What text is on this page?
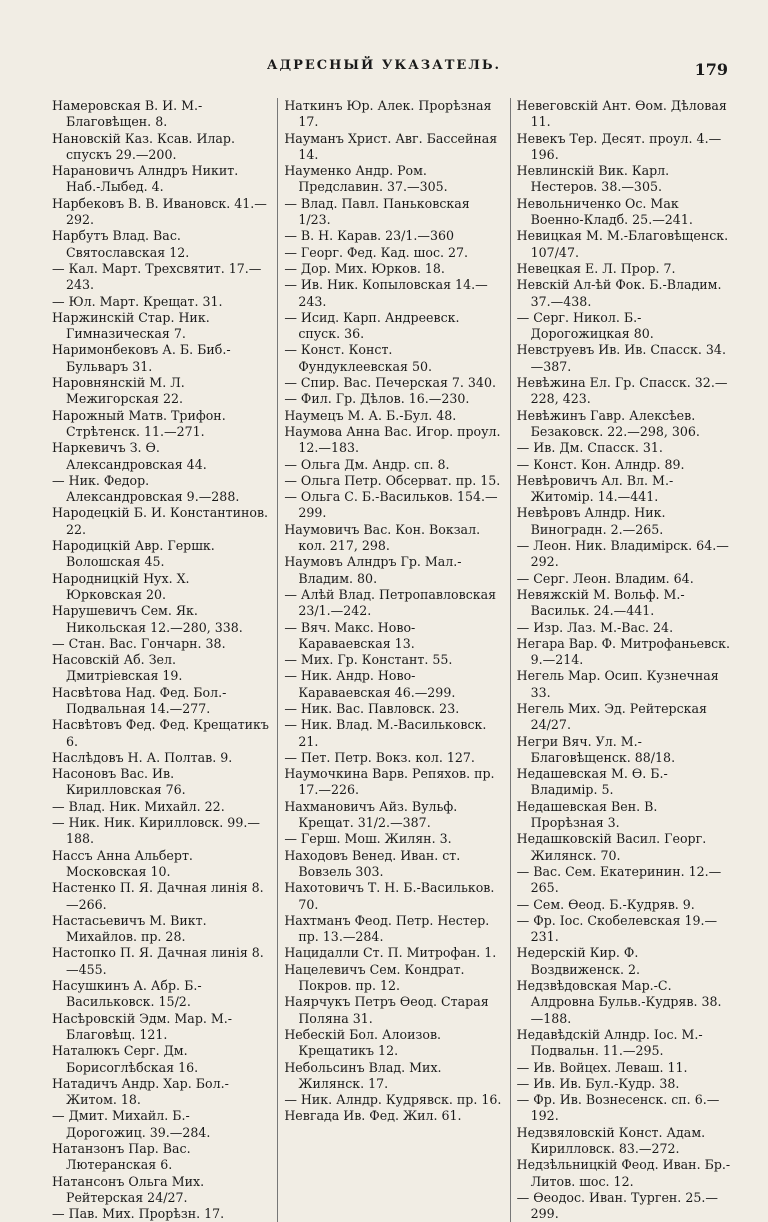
АДРЕСНЫЙ УКАЗАТЕЛЬ.	179
Намеровская В. И. М.-Благовѣщен. 8.
Нановскій Каз. Ксав. Илар. спускъ 29.—200.
Нарановичъ Алндръ Никит. Наб.-Лыбед. 4.
Нарбековъ В. В. Ивановск. 41.—292.
Нарбутъ Влад. Вас. Святославская 12.
— Кал. Март. Трехсвятит. 17.—243.
— Юл. Март. Крещат. 31.
Наржинскій Стар. Ник. Гимназическая 7.
Наримонбековъ А. Б. Биб.-Бульваръ 31.
Наровнянскій М. Л. Межигорская 22.
Нарожный Матв. Трифон. Стрѣтенск. 11.—271.
Наркевичъ З. Ѳ. Александровская 44.
— Ник. Федор. Александровская 9.—288.
Народецкій Б. И. Константинов. 22.
Народицкій Авр. Гершк. Волошская 45.
Народницкій Нух. Х. Юрковская 20.
Нарушевичъ Сем. Як. Никольская 12.—280, 338.
— Стан. Вас. Гончарн. 38.
Насовскій Аб. Зел. Дмитріевская 19.
Насвѣтова Над. Фед. Бол.-Подвальная 14.—277.
Насвѣтовъ Фед. Фед. Крещатикъ 6.
Наслѣдовъ Н. А. Полтав. 9.
Насоновъ Вас. Ив. Кирилловская 76.
— Влад. Ник. Михайл. 22.
— Ник. Ник. Кирилловск. 99.—188.
Нассъ Анна Альберт. Московская 10.
Настенко П. Я. Дачная линія 8.—266.
Настасьевичъ М. Викт. Михайлов. пр. 28.
Настопко П. Я. Дачная линія 8.—455.
Насушкинъ А. Абр. Б.-Васильковск. 15/2.
Насѣровскій Эдм. Мар. М.-Благовѣщ. 121.
Наталюкъ Серг. Дм. Борисоглѣбская 16.
Натадичъ Андр. Хар. Бол.-Житом. 18.
— Дмит. Михайл. Б.-Дорогожиц. 39.—284.
Натанзонъ Пар. Вас. Лютеранская 6.
Натансонъ Ольга Мих. Рейтерская 24/27.
— Пав. Мих. Прорѣзн. 17.
Наткинъ Юр. Алек. Прорѣзная 17.
Науманъ Христ. Авг. Бассейная 14.
Науменко Андр. Ром. Предславин. 37.—305.
— Влад. Павл. Паньковская 1/23.
— В. Н. Карав. 23/1.—360
— Георг. Фед. Кад. шос. 27.
— Дор. Мих. Юрков. 18.
— Ив. Ник. Копыловская 14.—243.
— Исид. Карп. Андреевск. спуск. 36.
— Конст. Конст. Фундуклеевская 50.
— Спир. Вас. Печерская 7. 340.
— Фил. Гр. Дѣлов. 16.—230.
Наумецъ М. А. Б.-Бул. 48.
Наумова Анна Вас. Игор. проул. 12.—183.
— Ольга Дм. Андр. сп. 8.
— Ольга Петр. Обсерват. пр. 15.
— Ольга С. Б.-Васильков. 154.—299.
Наумовичъ Вас. Кон. Вокзал. кол. 217, 298.
Наумовъ Алндръ Гр. Мал.-Владим. 80.
— Алѣй Влад. Петропавловская 23/1.—242.
— Вяч. Макс. Ново-Караваевская 13.
— Мих. Гр. Констант. 55.
— Ник. Андр. Ново-Караваевская 46.—299.
— Ник. Вас. Павловск. 23.
— Ник. Влад. М.-Васильковск. 21.
— Пет. Петр. Вокз. кол. 127.
Наумочкина Варв. Репяхов. пр. 17.—226.
Нахмановичъ Айз. Вульф. Крещат. 31/2.—387.
— Герш. Мош. Жилян. 3.
Находовъ Венед. Иван. ст. Вовзель 303.
Нахотовичъ Т. Н. Б.-Васильков. 70.
Нахтманъ Феод. Петр. Нестер. пр. 13.—284.
Нацидалли Ст. П. Митрофан. 1.
Нацелевичъ Сем. Кондрат. Покров. пр. 12.
Наярчукъ Петръ Ѳеод. Старая Поляна 31.
Небескій Бол. Алоизов. Крещатикъ 12.
Небольсинъ Влад. Мих. Жилянск. 17.
— Ник. Алндр. Кудрявск. пр. 16.
Невгада Ив. Фед. Жил. 61.
Невеговскій Ант. Ѳом. Дѣловая 11.
Невекъ Тер. Десят. проул. 4.—196.
Невлинскій Вик. Карл. Нестеров. 38.—305.
Невольниченко Ос. Мак Военно-Кладб. 25.—241.
Невицкая М. М.-Благовѣщенск. 107/47.
Невецкая Е. Л. Прор. 7.
Невскій Ал-ѣй Фок. Б.-Владим. 37.—438.
— Серг. Никол. Б.-Дорогожицкая 80.
Невструевъ Ив. Ив. Спасск. 34.—387.
Невѣжина Ел. Гр. Спасск. 32.—228, 423.
Невѣжинъ Гавр. Алексѣев. Безаковск. 22.—298, 306.
— Ив. Дм. Спасск. 31.
— Конст. Кон. Алндр. 89.
Невѣровичъ Ал. Вл. М.-Житомір. 14.—441.
Невѣровъ Алндр. Ник. Виноградн. 2.—265.
— Леон. Ник. Владимірск. 64.—292.
— Серг. Леон. Владим. 64.
Невяжскій М. Вольф. М.-Васильк. 24.—441.
— Изр. Лаз. М.-Вас. 24.
Негара Вар. Ф. Митрофаньевск. 9.—214.
Негель Мар. Осип. Кузнечная 33.
Негель Мих. Эд. Рейтерская 24/27.
Негри Вяч. Ул. М.-Благовѣщенск. 88/18.
Недашевская М. Ѳ. Б.-Владимір. 5.
Недашевская Вен. В. Прорѣзная 3.
Недашковскій Васил. Георг. Жилянск. 70.
— Вас. Сем. Екатеринин. 12.—265.
— Сем. Ѳеод. Б.-Кудряв. 9.
— Фр. Іос. Скобелевская 19.—231.
Недерскій Кир. Ф. Воздвиженск. 2.
Недзвѣдовская Мар.-С. Алдровна Бульв.-Кудряв. 38.—188.
Недавѣдскій Алндр. Іос. М.-Подвальн. 11.—295.
— Ив. Войцех. Леваш. 11.
— Ив. Ив. Бул.-Кудр. 38.
— Фр. Ив. Вознесенск. сп. 6.—192.
Недзвяловскій Конст. Адам. Кирилловск. 83.—272.
Недзѣльницкій Феод. Иван. Бр.-Литов. шос. 12.
— Ѳеодос. Иван. Турген. 25.—299.
